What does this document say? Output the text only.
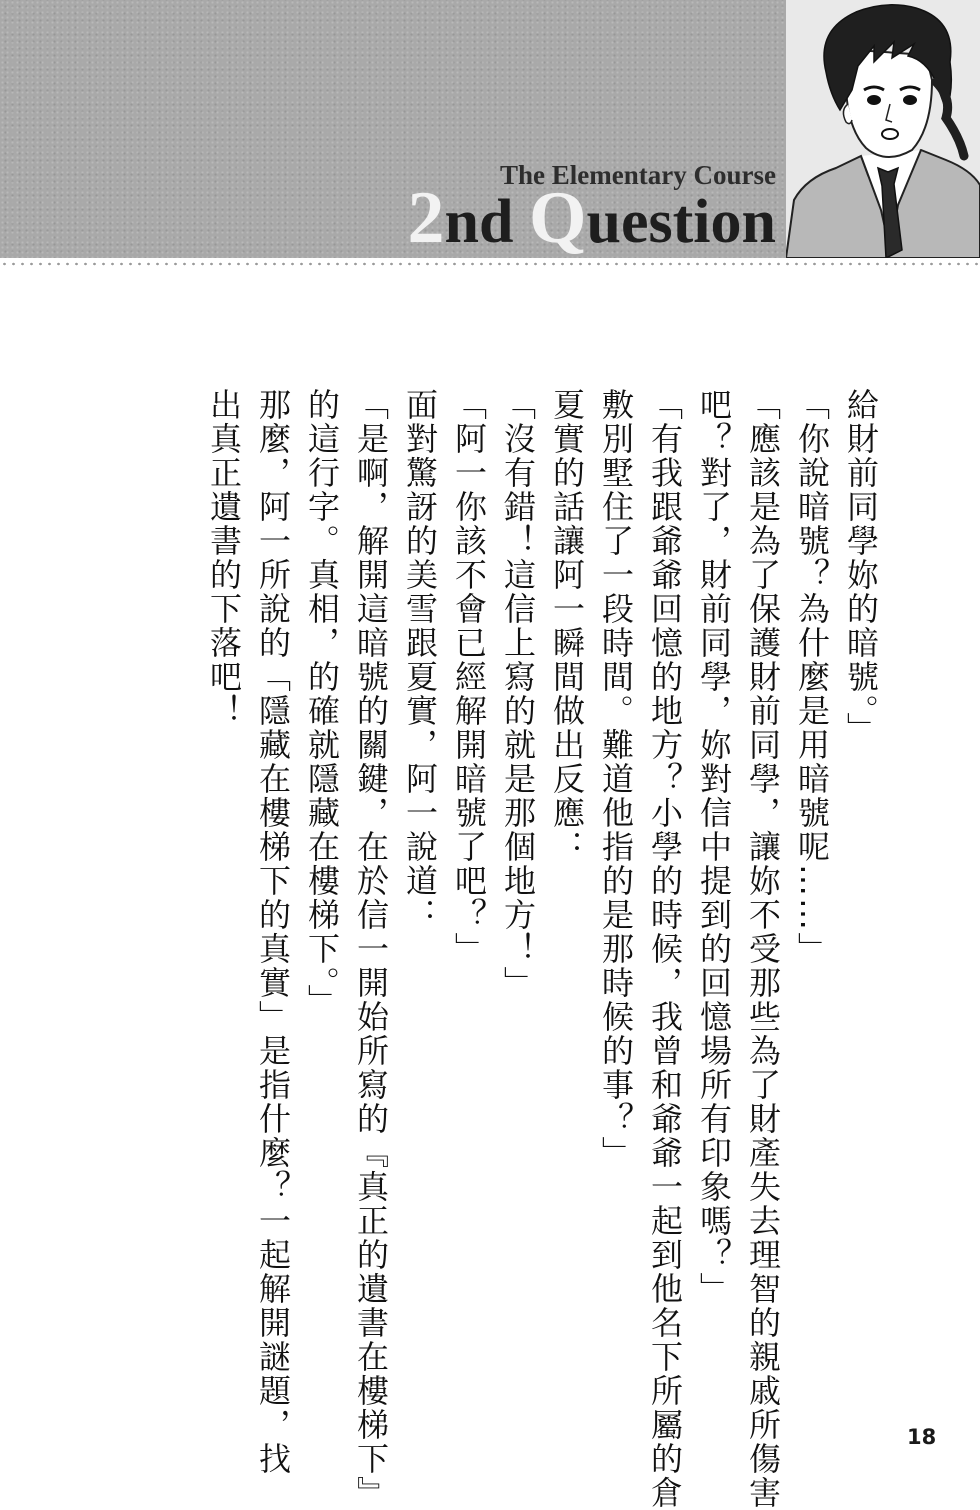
The Elementary Course
2nd Question
給財前同學妳的暗號。」
「你說暗號？為什麼是用暗號呢……」
「應該是為了保護財前同學，讓妳不受那些為了財產失去理智的親戚所傷害
吧？對了，財前同學，妳對信中提到的回憶場所有印象嗎？」
「有我跟爺爺回憶的地方？小學的時候，我曾和爺爺一起到他名下所屬的倉
敷別墅住了一段時間。難道他指的是那時候的事？」
夏實的話讓阿一瞬間做出反應：
「沒有錯！這信上寫的就是那個地方！」
「阿一你該不會已經解開暗號了吧？」
面對驚訝的美雪跟夏實，阿一說道：
「是啊，解開這暗號的關鍵，在於信一開始所寫的『真正的遺書在樓梯下』
的這行字。真相，的確就隱藏在樓梯下。」
那麼，阿一所說的「隱藏在樓梯下的真實」是指什麼？一起解開謎題，找
出真正遺書的下落吧！
18
